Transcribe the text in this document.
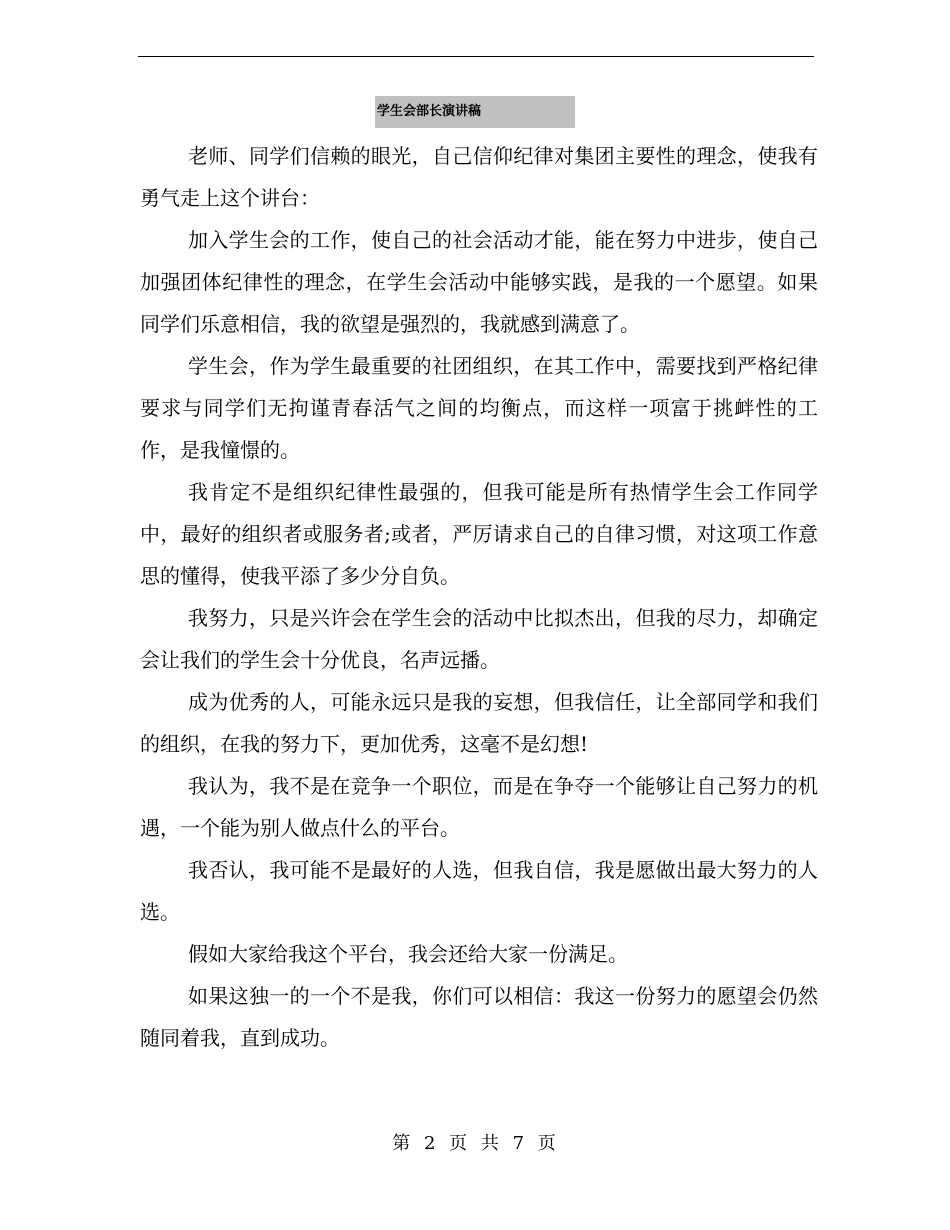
学生会部长演讲稿

老师、同学们信赖的眼光，自己信仰纪律对集团主要性的理念，使我有勇气走上这个讲台：

加入学生会的工作，使自己的社会活动才能，能在努力中进步，使自己加强团体纪律性的理念，在学生会活动中能够实践，是我的一个愿望。如果同学们乐意相信，我的欲望是强烈的，我就感到满意了。

学生会，作为学生最重要的社团组织，在其工作中，需要找到严格纪律要求与同学们无拘谨青春活气之间的均衡点，而这样一项富于挑衅性的工作，是我憧憬的。

我肯定不是组织纪律性最强的，但我可能是所有热情学生会工作同学中，最好的组织者或服务者;或者，严厉请求自己的自律习惯，对这项工作意思的懂得，使我平添了多少分自负。

我努力，只是兴许会在学生会的活动中比拟杰出，但我的尽力，却确定会让我们的学生会十分优良，名声远播。

成为优秀的人，可能永远只是我的妄想，但我信任，让全部同学和我们的组织，在我的努力下，更加优秀，这毫不是幻想!

我认为，我不是在竞争一个职位，而是在争夺一个能够让自己努力的机遇，一个能为别人做点什么的平台。

我否认，我可能不是最好的人选，但我自信，我是愿做出最大努力的人选。

假如大家给我这个平台，我会还给大家一份满足。

如果这独一的一个不是我，你们可以相信：我这一份努力的愿望会仍然随同着我，直到成功。

第 2 页 共 7 页
